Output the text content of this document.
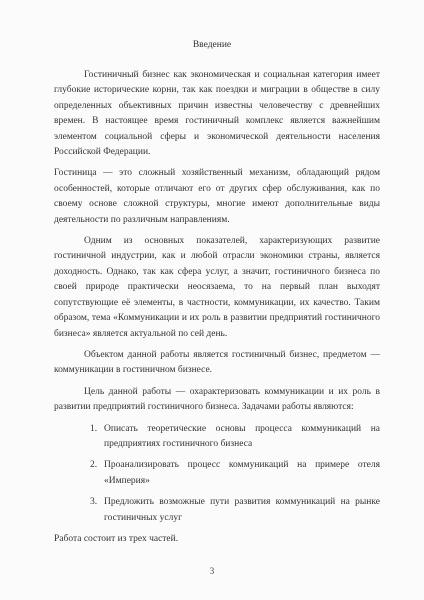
Введение

Гостиничный бизнес как экономическая и социальная категория имеет глубокие исторические корни, так как поездки и миграции в обществе в силу определенных объективных причин известны человечеству с древнейших времен. В настоящее время гостиничный комплекс является важнейшим элементом социальной сферы и экономической деятельности населения Российской Федерации.

Гостиница — это сложный хозяйственный механизм, обладающий рядом особенностей, которые отличают его от других сфер обслуживания, как по своему основе сложной структуры, многие имеют дополнительные виды деятельности по различным направлениям.

Одним из основных показателей, характеризующих развитие гостиничной индустрии, как и любой отрасли экономики страны, является доходность. Однако, так как сфера услуг, а значит, гостиничного бизнеса по своей природе практически неосязаема, то на первый план выходят сопутствующие её элементы, в частности, коммуникации, их качество. Таким образом, тема «Коммуникации и их роль в развитии предприятий гостиничного бизнеса» является актуальной по сей день.

Объектом данной работы является гостиничный бизнес, предметом — коммуникации в гостиничном бизнесе.

Цель данной работы — охарактеризовать коммуникации и их роль в развитии предприятий гостиничного бизнеса. Задачами работы являются:

1. Описать теоретические основы процесса коммуникаций на предприятиях гостиничного бизнеса
2. Проанализировать процесс коммуникаций на примере отеля «Империя»
3. Предложить возможные пути развития коммуникаций на рынке гостиничных услуг

Работа состоит из трех частей.

3
